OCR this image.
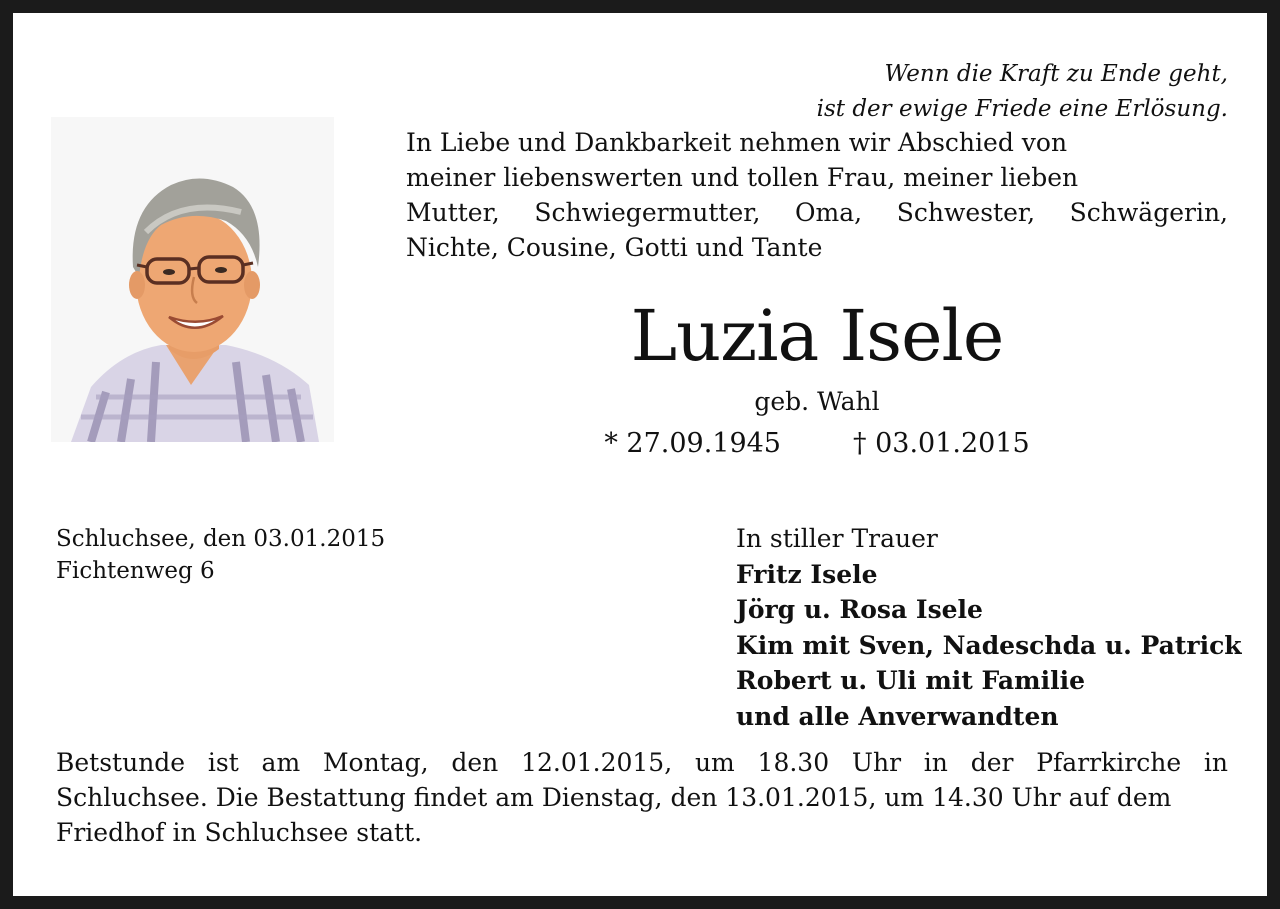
Wenn die Kraft zu Ende geht,
ist der ewige Friede eine Erlösung.
In Liebe und Dankbarkeit nehmen wir Abschied von
meiner liebenswerten und tollen Frau, meiner lieben
Mutter, Schwiegermutter, Oma, Schwester, Schwägerin,
Nichte, Cousine, Gotti und Tante
Luzia Isele
geb. Wahl
* 27.09.1945	† 03.01.2015
Schluchsee, den 03.01.2015
Fichtenweg 6
In stiller Trauer
Fritz Isele
Jörg u. Rosa Isele
Kim mit Sven, Nadeschda u. Patrick
Robert u. Uli mit Familie
und alle Anverwandten
Betstunde ist am Montag, den 12.01.2015, um 18.30 Uhr in der Pfarrkirche in
Schluchsee. Die Bestattung findet am Dienstag, den 13.01.2015, um 14.30 Uhr auf dem
Friedhof in Schluchsee statt.
